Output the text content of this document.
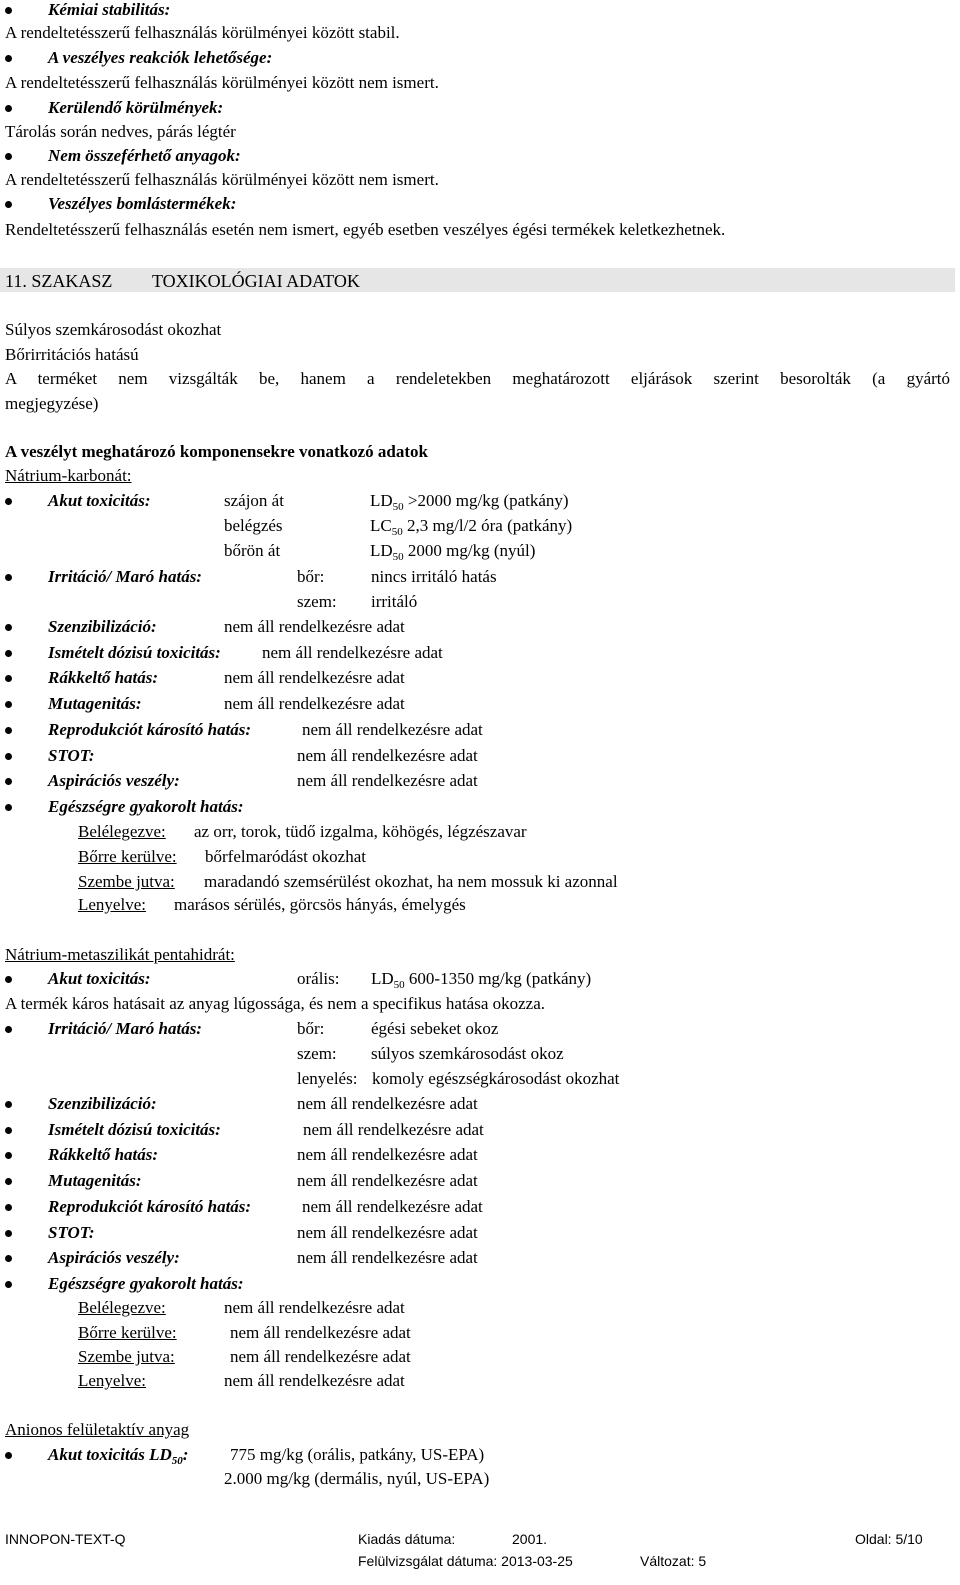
Kémiai stabilitás:
A rendeltetésszerű felhasználás körülményei között stabil.
A veszélyes reakciók lehetősége:
A rendeltetésszerű felhasználás körülményei között nem ismert.
Kerülendő körülmények:
Tárolás során nedves, párás légtér
Nem összeférhető anyagok:
A rendeltetésszerű felhasználás körülményei között nem ismert.
Veszélyes bomlástermékek:
Rendeltetésszerű felhasználás esetén nem ismert, egyéb esetben veszélyes égési termékek keletkezhetnek.
11. SZAKASZ TOXIKOLÓGIAI ADATOK
Súlyos szemkárosodást okozhat
Bőrirritációs hatású
A terméket nem vizsgálták be, hanem a rendeletekben meghatározott eljárások szerint besorolták (a gyártó
megjegyzése)
A veszélyt meghatározó komponensekre vonatkozó adatok
Nátrium-karbonát:
Akut toxicitás:	szájon át	$LD_{50} >2000$ mg/kg (patkány)
belégzés	$LC_{50}$ 2,3 mg/l/2 óra (patkány)
bőrön át	$LD_{50}$ 2000 mg/kg (nyúl)
Irritáció/ Maró hatás:	bőr:	nincs irritáló hatás
szem: irritáló
Szenzibilizáció:	nem áll rendelkezésre adat
Ismételt dózisú toxicitás: nem áll rendelkezésre adat
Rákkeltő hatás:	nem áll rendelkezésre adat
Mutagenitás:	nem áll rendelkezésre adat
Reprodukciót károsító hatás:	nem áll rendelkezésre adat
STOT:	nem áll rendelkezésre adat
Aspirációs veszély:	nem áll rendelkezésre adat
Egészségre gyakorolt hatás:
Belélegezve: az orr, torok, tüdő izgalma, köhögés, légzészavar
Bőrre kerülve: bőrfelmaródást okozhat
Szembe jutva: maradandó szemsérülést okozhat, ha nem mossuk ki azonnal
Lenyelve: marásos sérülés, görcsös hányás, émelygés
Nátrium-metaszilikát pentahidrát:
Akut toxicitás:	orális: $LD_{50}$ 600-1350 mg/kg (patkány)
A termék káros hatásait az anyag lúgossága, és nem a specifikus hatása okozza.
Irritáció/ Maró hatás:	bőr:	égési sebeket okoz
szem: súlyos szemkárosodást okoz
lenyelés: komoly egészségkárosodást okozhat
Szenzibilizáció:	nem áll rendelkezésre adat
Ismételt dózisú toxicitás:	nem áll rendelkezésre adat
Rákkeltő hatás:	nem áll rendelkezésre adat
Mutagenitás:	nem áll rendelkezésre adat
Reprodukciót károsító hatás:	nem áll rendelkezésre adat
STOT:	nem áll rendelkezésre adat
Aspirációs veszély:	nem áll rendelkezésre adat
Egészségre gyakorolt hatás:
Belélegezve:	nem áll rendelkezésre adat
Bőrre kerülve:	nem áll rendelkezésre adat
Szembe jutva:	nem áll rendelkezésre adat
Lenyelve:	nem áll rendelkezésre adat
Anionos felületaktív anyag
Akut toxicitás $LD_{50}$: 775 mg/kg (orális, patkány, US-EPA)
2.000 mg/kg (dermális, nyúl, US-EPA)
INNOPON-TEXT-Q	Kiadás dátuma:	2001.	Oldal: 5/10
Felülvizsgálat dátuma: 2013-03-25	Változat: 5
